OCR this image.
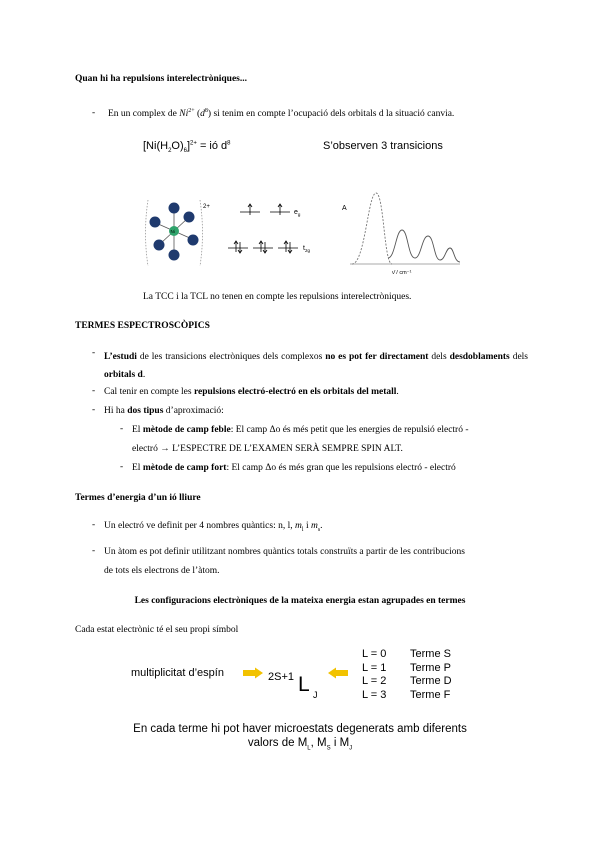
Quan hi ha repulsions interelectròniques...
- En un complex de $Ni^{2+}$ $(d^8)$ si tenim en compte l’ocupació dels orbitals d la situació canvia.
$[Ni(H_2O)_6]^{2+}$ = ió $d^8$	S’observen 3 transicions
Ni
2+
$e_g$
$t_{2g}$
A
ν̄ / cm⁻¹
La TCC i la TCL no tenen en compte les repulsions interelectròniques.
TERMES ESPECTROSCÒPICS
- L’estudi de les transicions electròniques dels complexos no es pot fer directament dels desdoblaments dels orbitals d.
- Cal tenir en compte les repulsions electró-electró en els orbitals del metall.
- Hi ha dos tipus d’aproximació:
- El mètode de camp feble: El camp Δo és més petit que les energies de repulsió electró -
electró → L’ESPECTRE DE L’EXAMEN SERÀ SEMPRE SPIN ALT.
- El mètode de camp fort: El camp Δo és més gran que les repulsions electró - electró
Termes d’energia d’un ió lliure
- Un electró ve definit per 4 nombres quàntics: n, l, $m_l$ i $m_s$.
- Un àtom es pot definir utilitzant nombres quàntics totals construïts a partir de les contribucions
de tots els electrons de l’àtom.
Les configuracions electròniques de la mateixa energia estan agrupades en termes
Cada estat electrònic té el seu propi símbol
multiplicitat d’espín	2S+1 L J
L = 0
L = 1
L = 2
L = 3
Terme S
Terme P
Terme D
Terme F
En cada terme hi pot haver microestats degenerats amb diferents
valors de $M_L$, $M_S$ i $M_J$
